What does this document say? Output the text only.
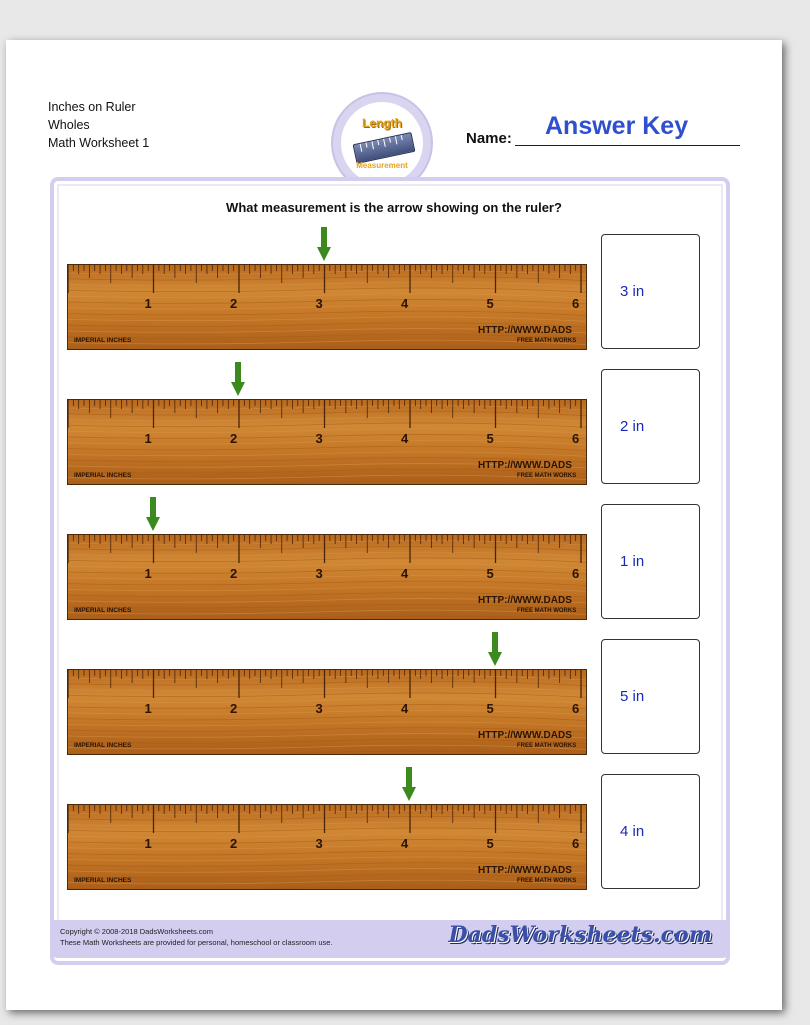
Inches on Ruler
Wholes
Math Worksheet 1
Length
Measurement
Name: Answer Key
What measurement is the arrow showing on the ruler?
1	2	3	4	5	6
IMPERIAL INCHES
HTTP://WWW.DADS
FREE MATH WORKS
3 in
1	2	3	4	5	6
IMPERIAL INCHES
HTTP://WWW.DADS
FREE MATH WORKS
2 in
1	2	3	4	5	6
IMPERIAL INCHES
HTTP://WWW.DADS
FREE MATH WORKS
1 in
1	2	3	4	5	6
IMPERIAL INCHES
HTTP://WWW.DADS
FREE MATH WORKS
5 in
1	2	3	4	5	6
IMPERIAL INCHES
HTTP://WWW.DADS
FREE MATH WORKS
4 in
Copyright © 2008-2018 DadsWorksheets.com
These Math Worksheets are provided for personal, homeschool or classroom use.	DadsWorksheets.com
